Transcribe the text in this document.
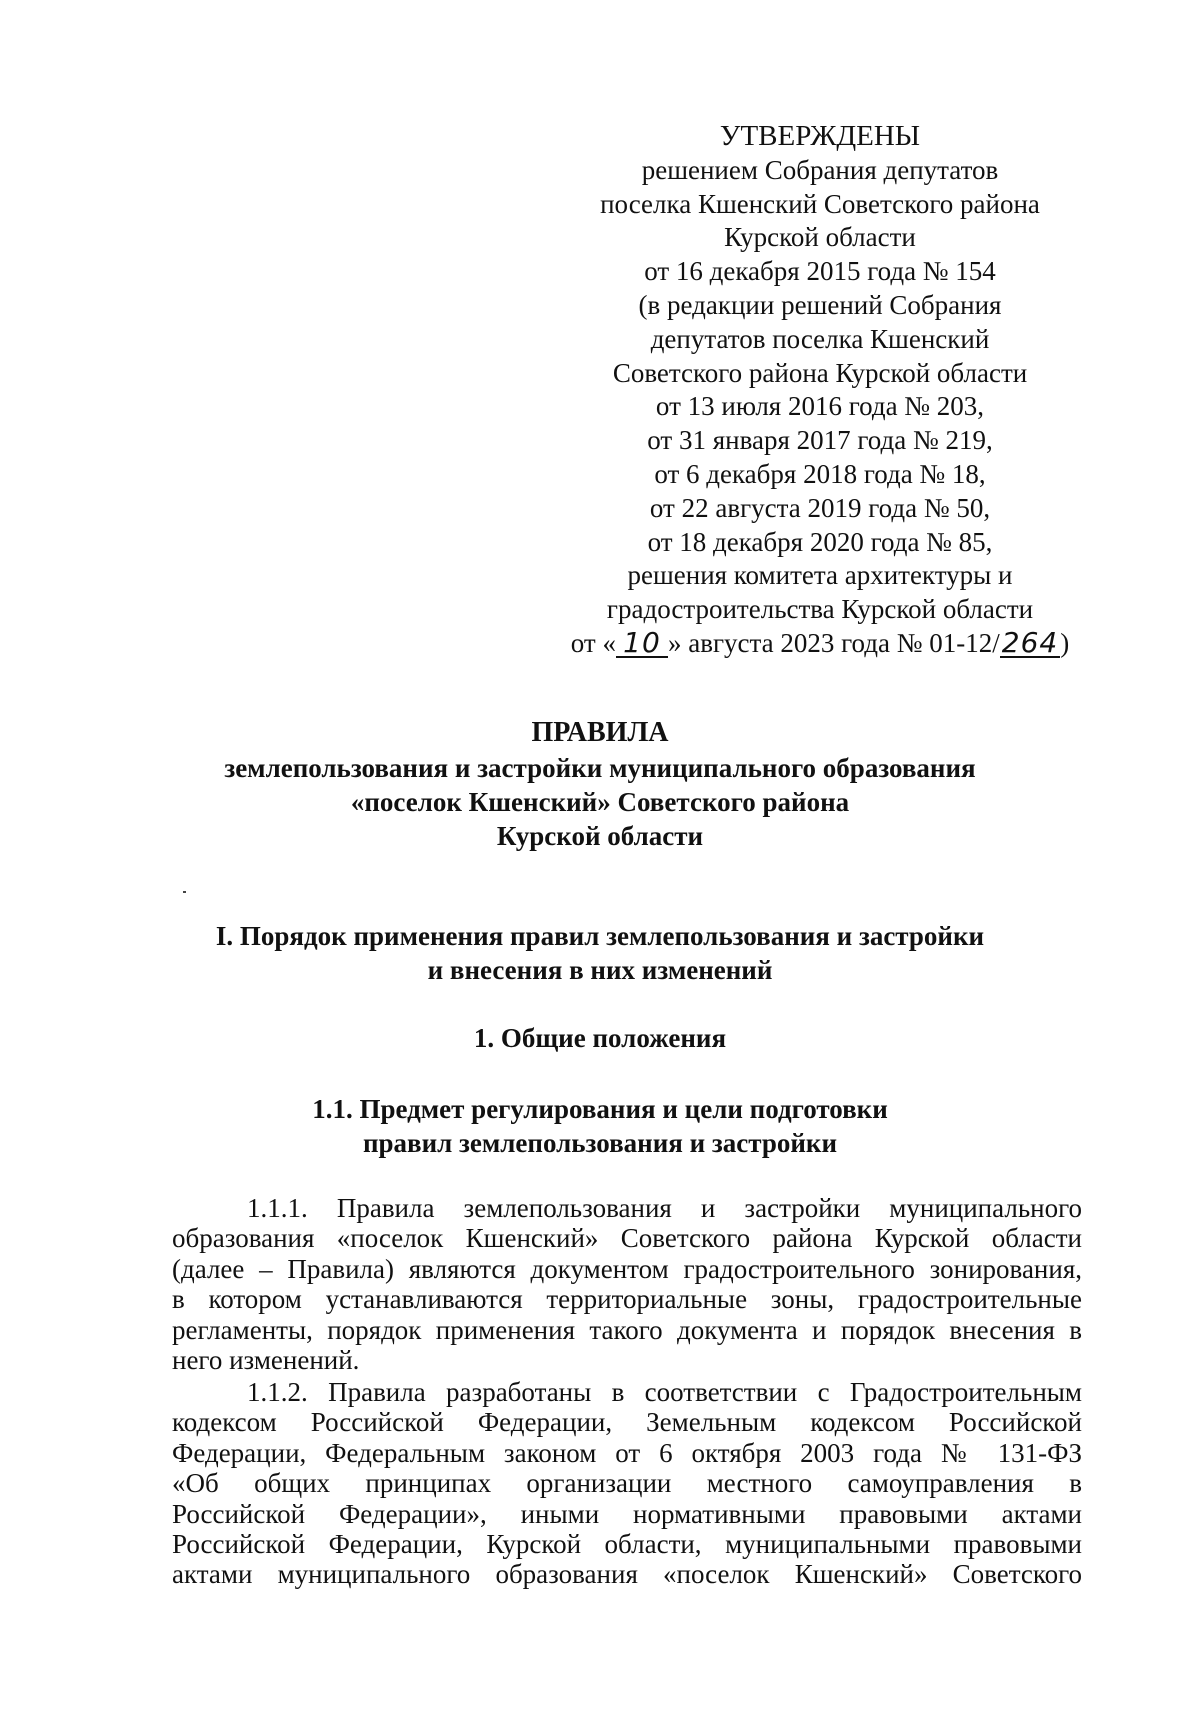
УТВЕРЖДЕНЫ
решением Собрания депутатов
поселка Кшенский Советского района
Курской области
от 16 декабря 2015 года № 154
(в редакции решений Собрания
депутатов поселка Кшенский
Советского района Курской области
от 13 июля 2016 года № 203,
от 31 января 2017 года № 219,
от 6 декабря 2018 года № 18,
от 22 августа 2019 года № 50,
от 18 декабря 2020 года № 85,
решения комитета архитектуры и
градостроительства Курской области
от « 10 » августа 2023 года № 01-12/264)
ПРАВИЛА
землепользования и застройки муниципального образования
«поселок Кшенский» Советского района
Курской области
I. Порядок применения правил землепользования и застройки
и внесения в них изменений
1. Общие положения
1.1. Предмет регулирования и цели подготовки
правил землепользования и застройки
1.1.1. Правила землепользования и застройки муниципального
образования «поселок Кшенский» Советского района Курской области
(далее – Правила) являются документом градостроительного зонирования,
в котором устанавливаются территориальные зоны, градостроительные
регламенты, порядок применения такого документа и порядок внесения в
него изменений.
1.1.2. Правила разработаны в соответствии с Градостроительным
кодексом Российской Федерации, Земельным кодексом Российской
Федерации, Федеральным законом от 6 октября 2003 года № 131-ФЗ
«Об общих принципах организации местного самоуправления в
Российской Федерации», иными нормативными правовыми актами
Российской Федерации, Курской области, муниципальными правовыми
актами муниципального образования «поселок Кшенский» Советского
